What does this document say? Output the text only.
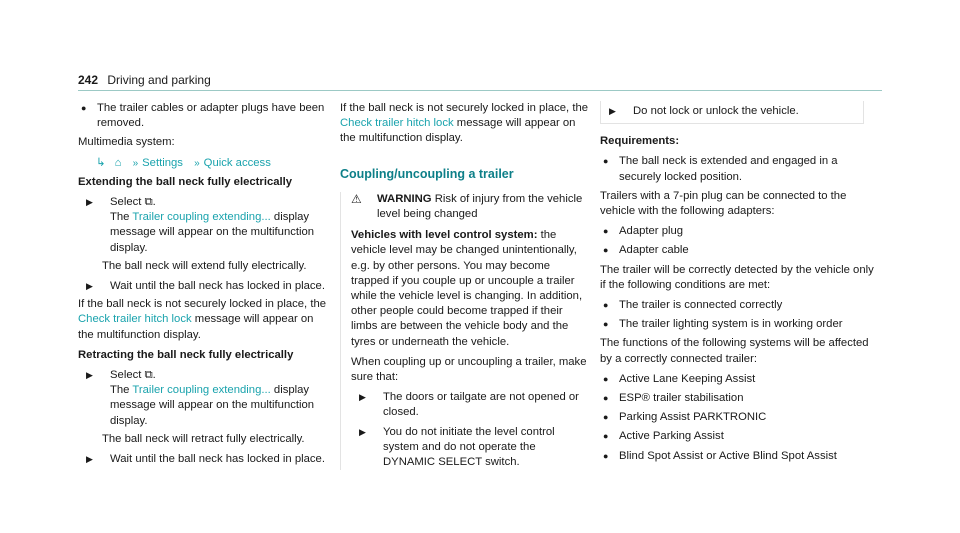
242 Driving and parking
● The trailer cables or adapter plugs have been removed.

Multimedia system:

↳ ⌂ » Settings » Quick access

Extending the ball neck fully electrically

▶	Select ⧉.
The Trailer coupling extending... display message will appear on the multifunction display.

The ball neck will extend fully electrically.

▶	Wait until the ball neck has locked in place.

If the ball neck is not securely locked in place, the Check trailer hitch lock message will appear on the multifunction display.

Retracting the ball neck fully electrically

▶	Select ⧉.
The Trailer coupling extending... display message will appear on the multifunction display.

The ball neck will retract fully electrically.

▶	Wait until the ball neck has locked in place.

If the ball neck is not securely locked in place, the Check trailer hitch lock message will appear on the multifunction display.

Coupling/uncoupling a trailer
⚠	WARNING Risk of injury from the vehicle level being changed

Vehicles with level control system: the vehicle level may be changed unintentionally, e.g. by other persons. You may become trapped if you couple up or uncouple a trailer while the vehicle level is changing. In addition, other people could become trapped if their limbs are between the vehicle body and the tyres or underneath the vehicle.

When coupling up or uncoupling a trailer, make sure that:

▶	The doors or tailgate are not opened or closed.
▶	You do not initiate the level control system and do not operate the DYNAMIC SELECT switch.
▶	Do not lock or unlock the vehicle.

Requirements:

● The ball neck is extended and engaged in a securely locked position.

Trailers with a 7-pin plug can be connected to the vehicle with the following adapters:

● Adapter plug
● Adapter cable

The trailer will be correctly detected by the vehicle only if the following conditions are met:

● The trailer is connected correctly
● The trailer lighting system is in working order

The functions of the following systems will be affected by a correctly connected trailer:

● Active Lane Keeping Assist
● ESP® trailer stabilisation
● Parking Assist PARKTRONIC
● Active Parking Assist
● Blind Spot Assist or Active Blind Spot Assist
